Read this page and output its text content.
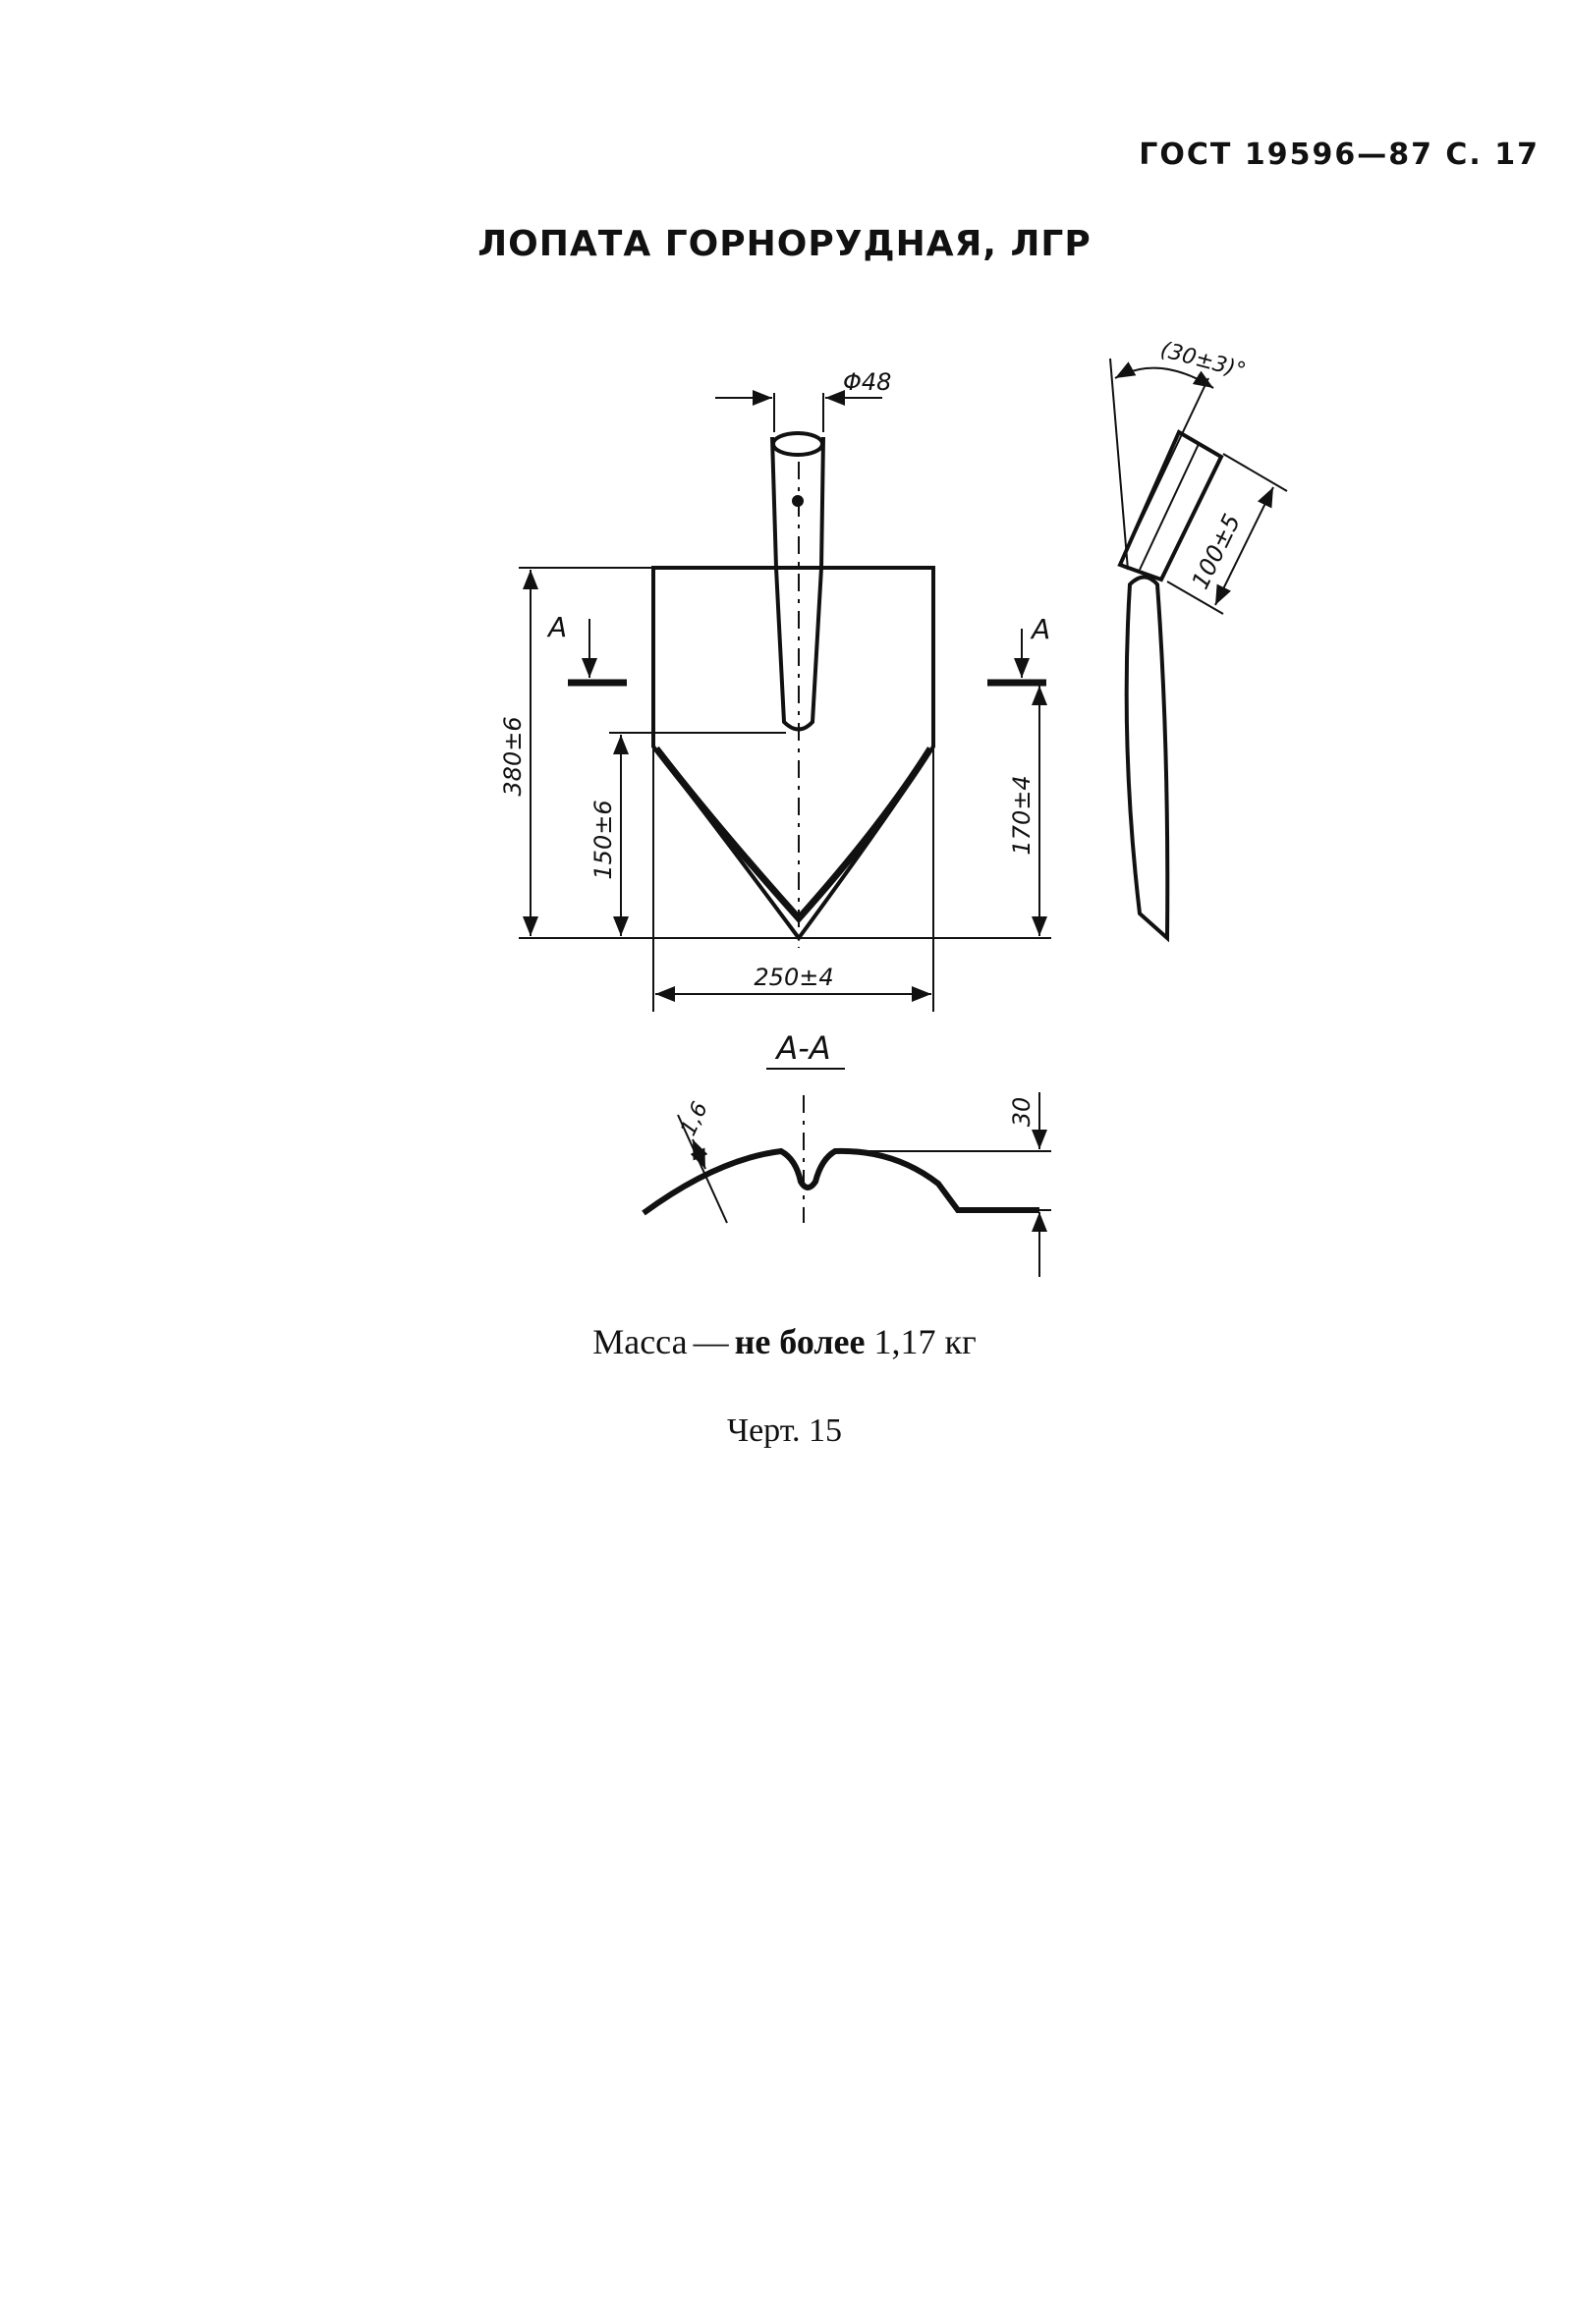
ГОСТ 19596—87 С. 17
ЛОПАТА ГОРНОРУДНАЯ, ЛГР
Φ48
380±6
150±6	170±4
250±4
А	А
(30±3)°
100±5
А-А
1,6	30
Масса — не более 1,17 кг
Черт. 15
